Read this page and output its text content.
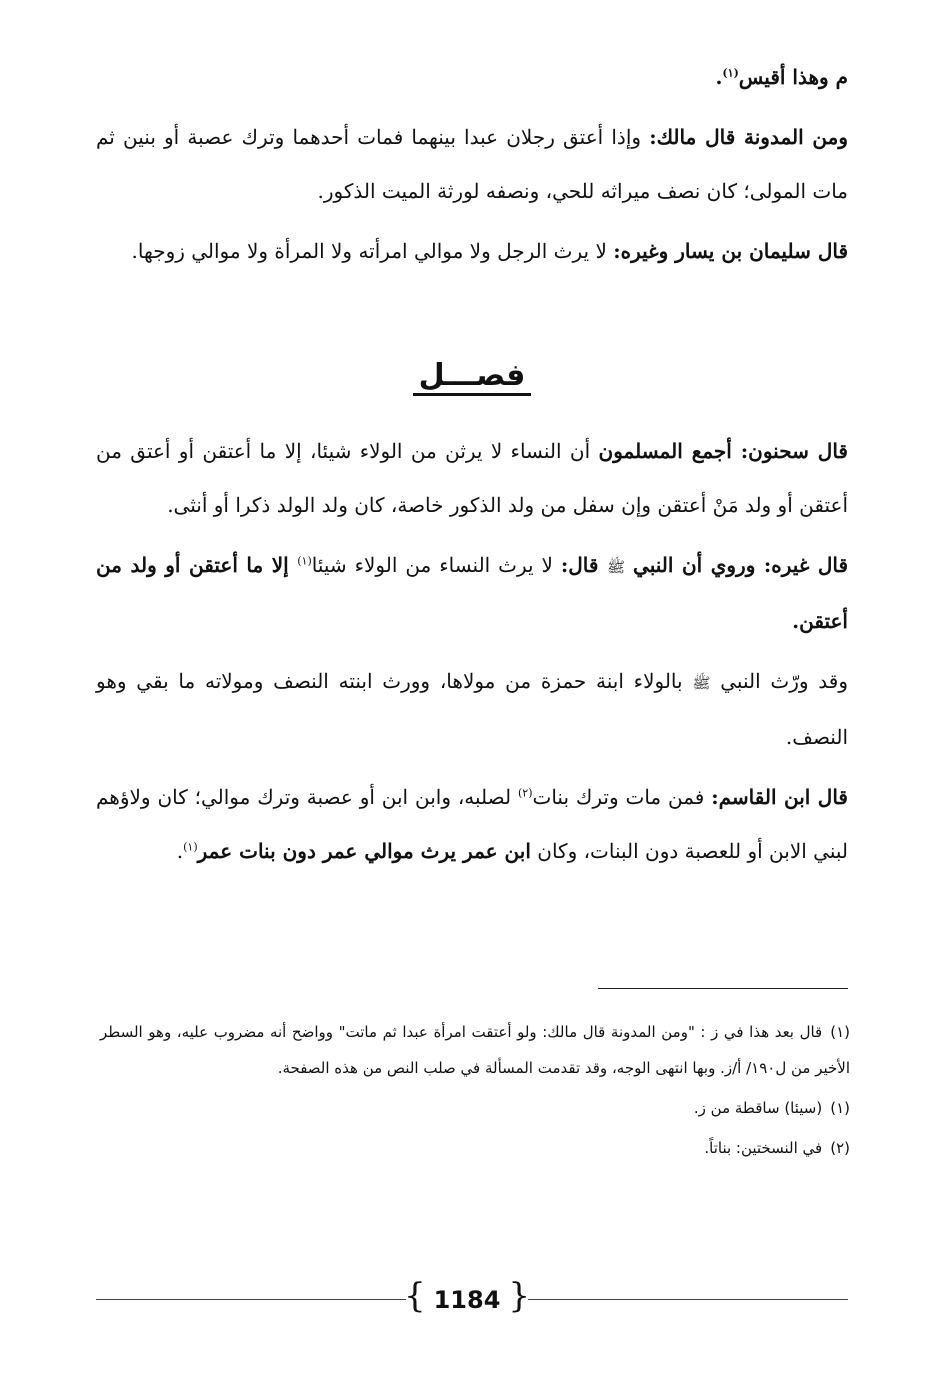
م وهذا أقيس$^{(١)}$.

ومن المدونة قال مالك: وإذا أعتق رجلان عبدا بينهما فمات أحدهما وترك عصبة أو بنين ثم مات المولى؛ كان نصف ميراثه للحي، ونصفه لورثة الميت الذكور.

قال سليمان بن يسار وغيره: لا يرث الرجل ولا موالي امرأته ولا المرأة ولا موالي زوجها.

فصـــل

قال سحنون: أجمع المسلمون أن النساء لا يرثن من الولاء شيئا، إلا ما أعتقن أو أعتق من أعتقن أو ولد مَنْ أعتقن وإن سفل من ولد الذكور خاصة، كان ولد الولد ذكرا أو أنثى.

قال غيره: وروي أن النبي ﷺ قال: لا يرث النساء من الولاء شيئا$^{(١)}$ إلا ما أعتقن أو ولد من أعتقن.

وقد ورّث النبي ﷺ بالولاء ابنة حمزة من مولاها، وورث ابنته النصف ومولاته ما بقي وهو النصف.

قال ابن القاسم: فمن مات وترك بنات$^{(٢)}$ لصلبه، وابن ابن أو عصبة وترك موالي؛ كان ولاؤهم لبني الابن أو للعصبة دون البنات، وكان ابن عمر يرث موالي عمر دون بنات عمر$^{(١)}$.

(١)قال بعد هذا في ز : "ومن المدونة قال مالك: ولو أعتقت امرأة عبدا ثم ماتت" وواضح أنه مضروب عليه، وهو السطر الأخير من ل١٩٠/ أ/ز. وبها انتهى الوجه، وقد تقدمت المسألة في صلب النص من هذه الصفحة.

(١)(سيئا) ساقطة من ز.

(٢)في النسختين: بناتاً.

{ 1184 }
